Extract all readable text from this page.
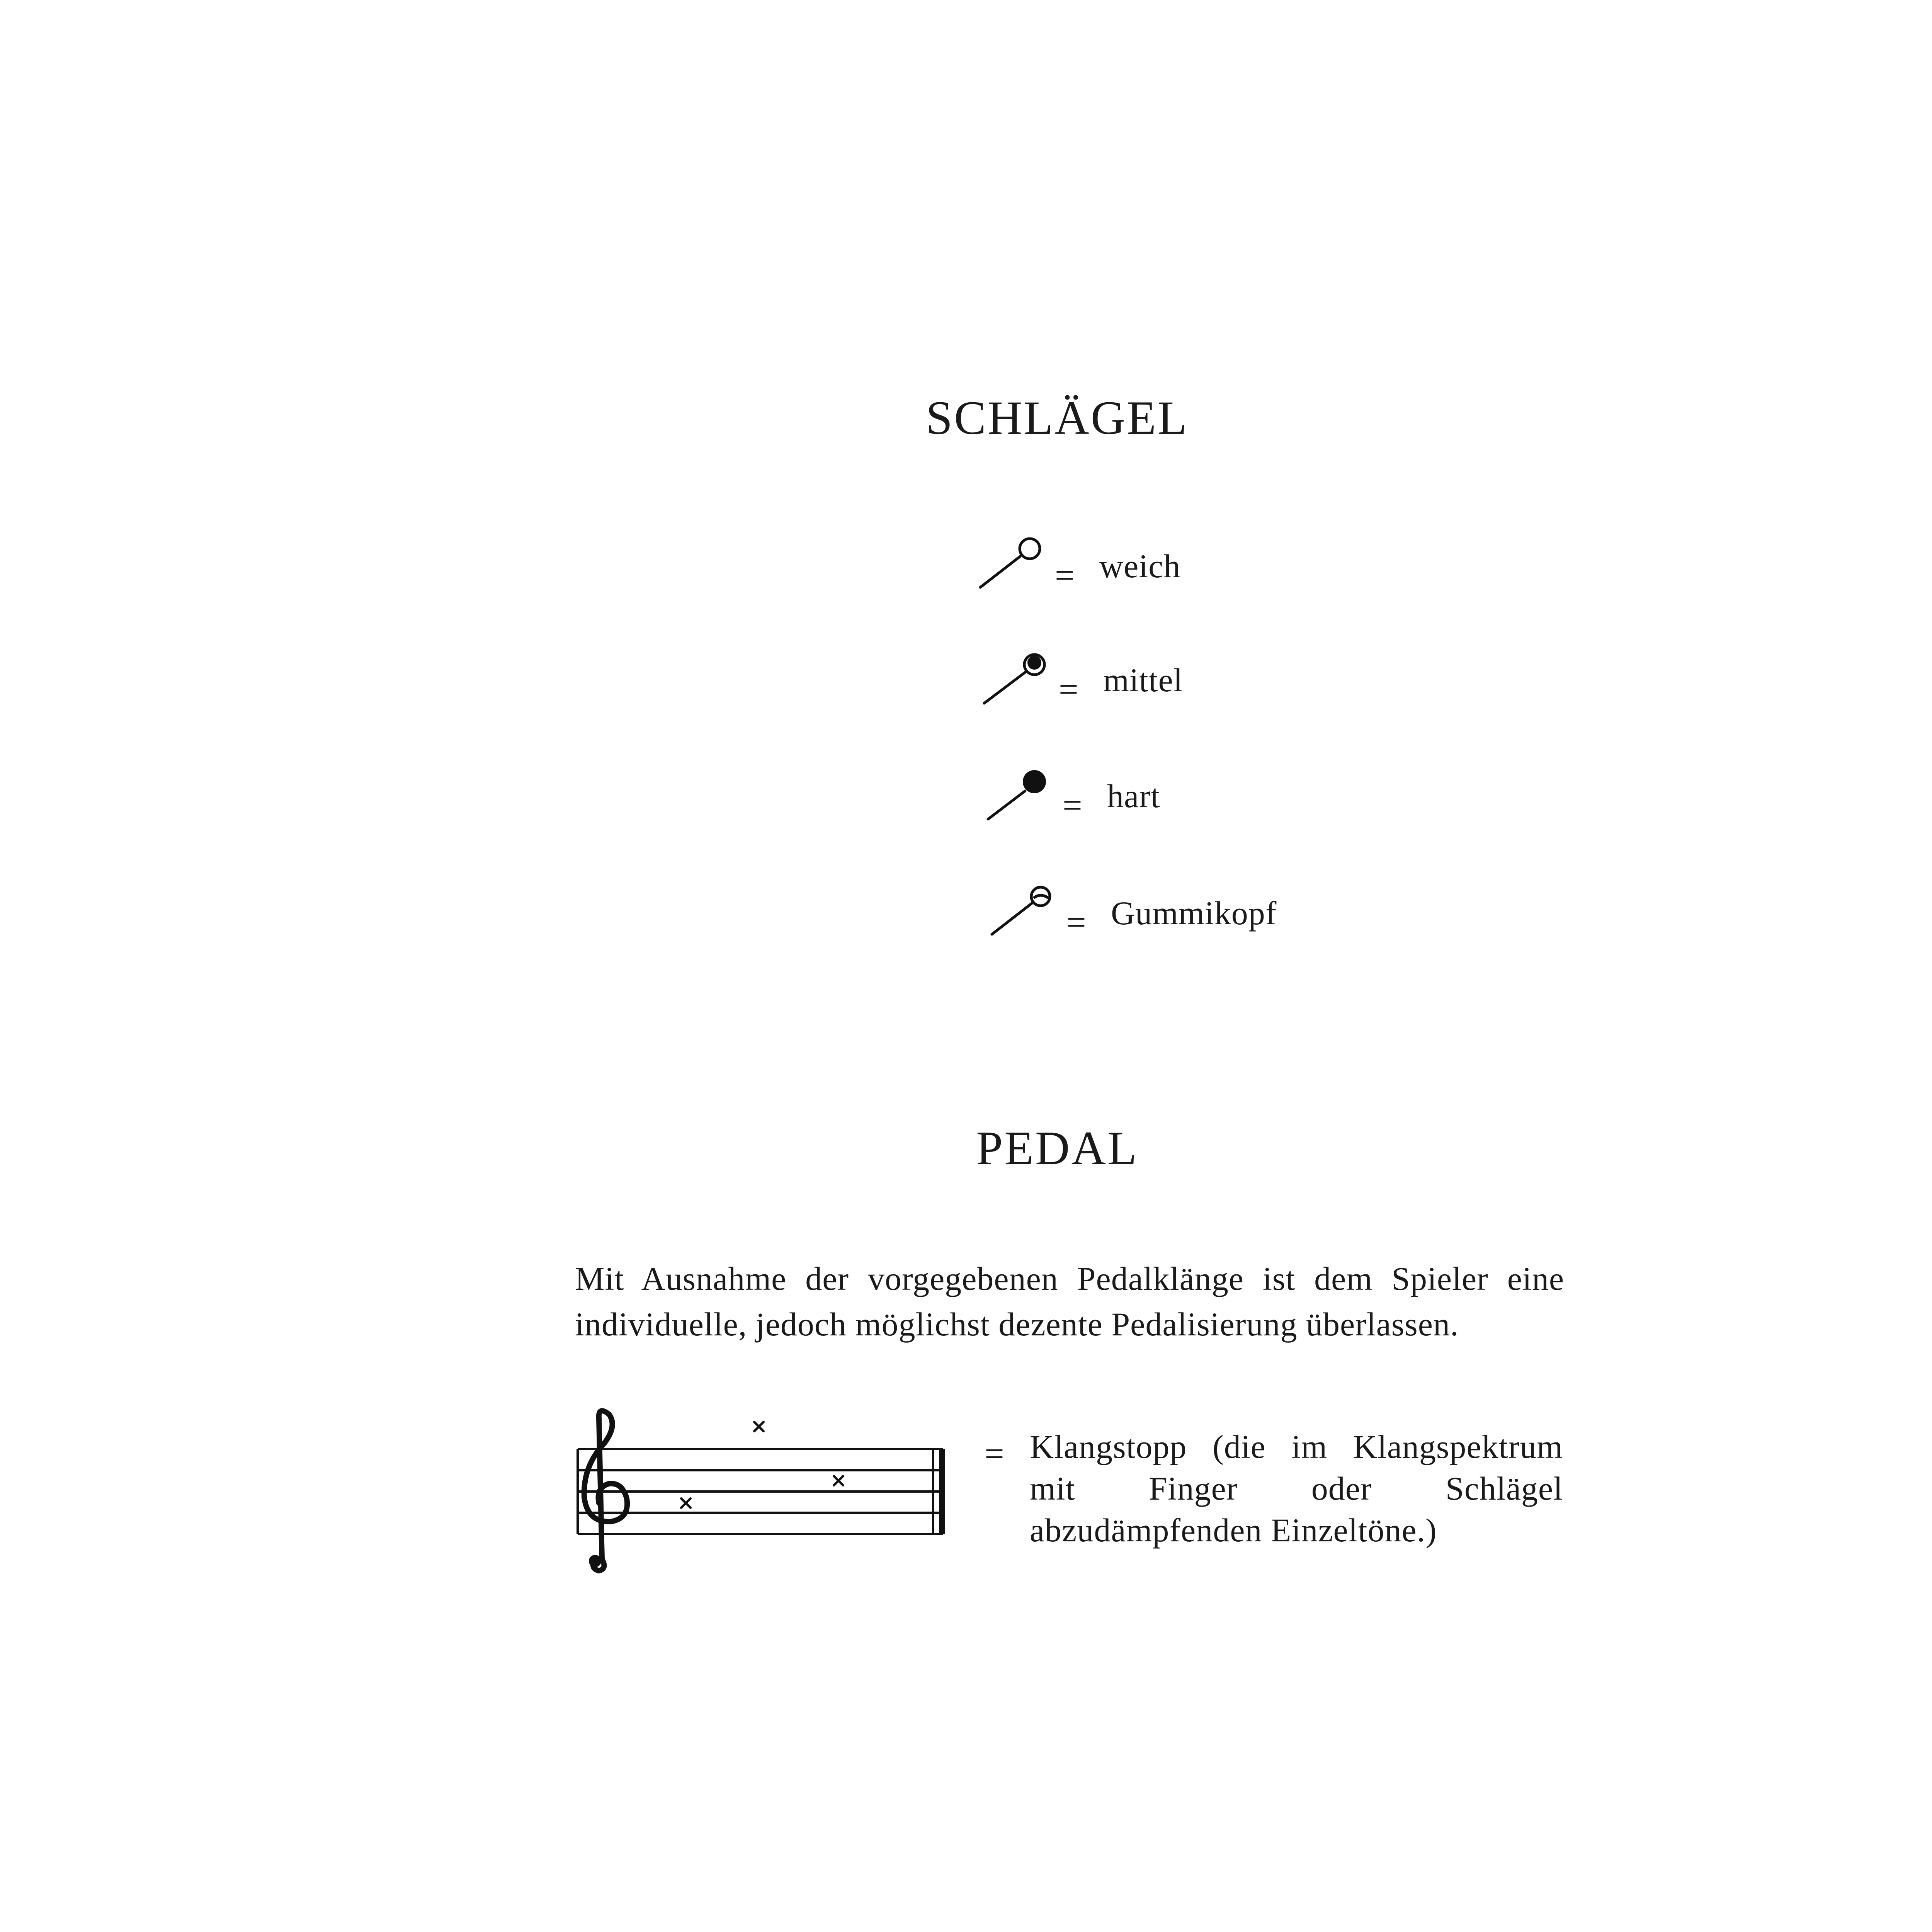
SCHLÄGEL
= weich
= mittel
= hart
= Gummikopf
PEDAL
Mit Ausnahme der vorgegebenen Pedalklänge ist dem Spieler eine individuelle, jedoch möglichst dezente Pedalisierung überlassen.
= Klangstopp (die im Klangspektrum mit Finger oder Schlägel abzudämpfenden Einzeltöne.)
